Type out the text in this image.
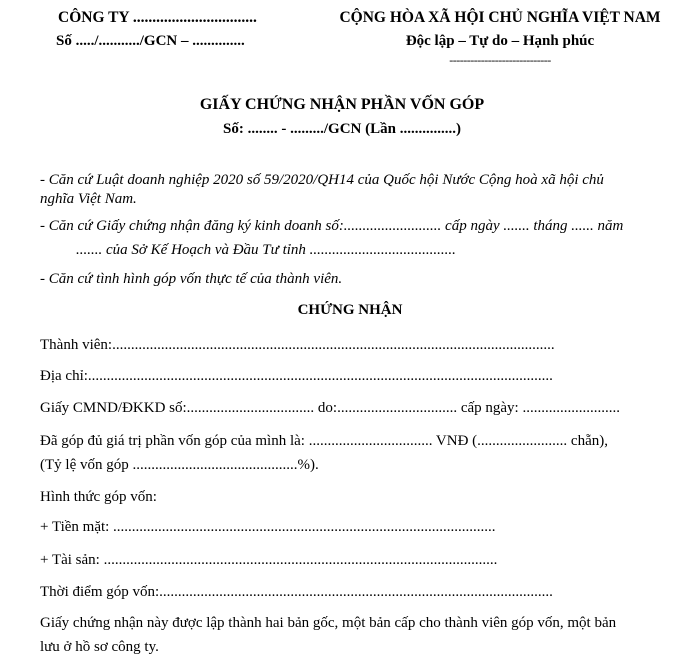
CÔNG TY ................................
Số ...../.........../GCN – ..............
CỘNG HÒA XÃ HỘI CHỦ NGHĨA VIỆT NAM
Độc lập – Tự do – Hạnh phúc
-----------------------------
GIẤY CHỨNG NHẬN PHẦN VỐN GÓP
Số: ........ - ........./GCN (Lần ...............)
- Căn cứ Luật doanh nghiệp 2020 số 59/2020/QH14 của Quốc hội Nước Cộng hoà xã hội chủ
nghĩa Việt Nam.
- Căn cứ Giấy chứng nhận đăng ký kinh doanh số:.......................... cấp ngày ....... tháng ...... năm
....... của Sở Kế Hoạch và Đầu Tư tỉnh .......................................
- Căn cứ tình hình góp vốn thực tế của thành viên.
CHỨNG NHẬN
Thành viên:......................................................................................................................
Địa chỉ:............................................................................................................................
Giấy CMND/ĐKKD số:.................................. do:................................ cấp ngày: ..........................
Đã góp đủ giá trị phần vốn góp của mình là: ................................. VNĐ (........................ chẵn),
(Tỷ lệ vốn góp ............................................%).
Hình thức góp vốn:
+ Tiền mặt: ......................................................................................................
+ Tài sản: .........................................................................................................
Thời điểm góp vốn:.........................................................................................................
Giấy chứng nhận này được lập thành hai bản gốc, một bản cấp cho thành viên góp vốn, một bản
lưu ở hồ sơ công ty.
